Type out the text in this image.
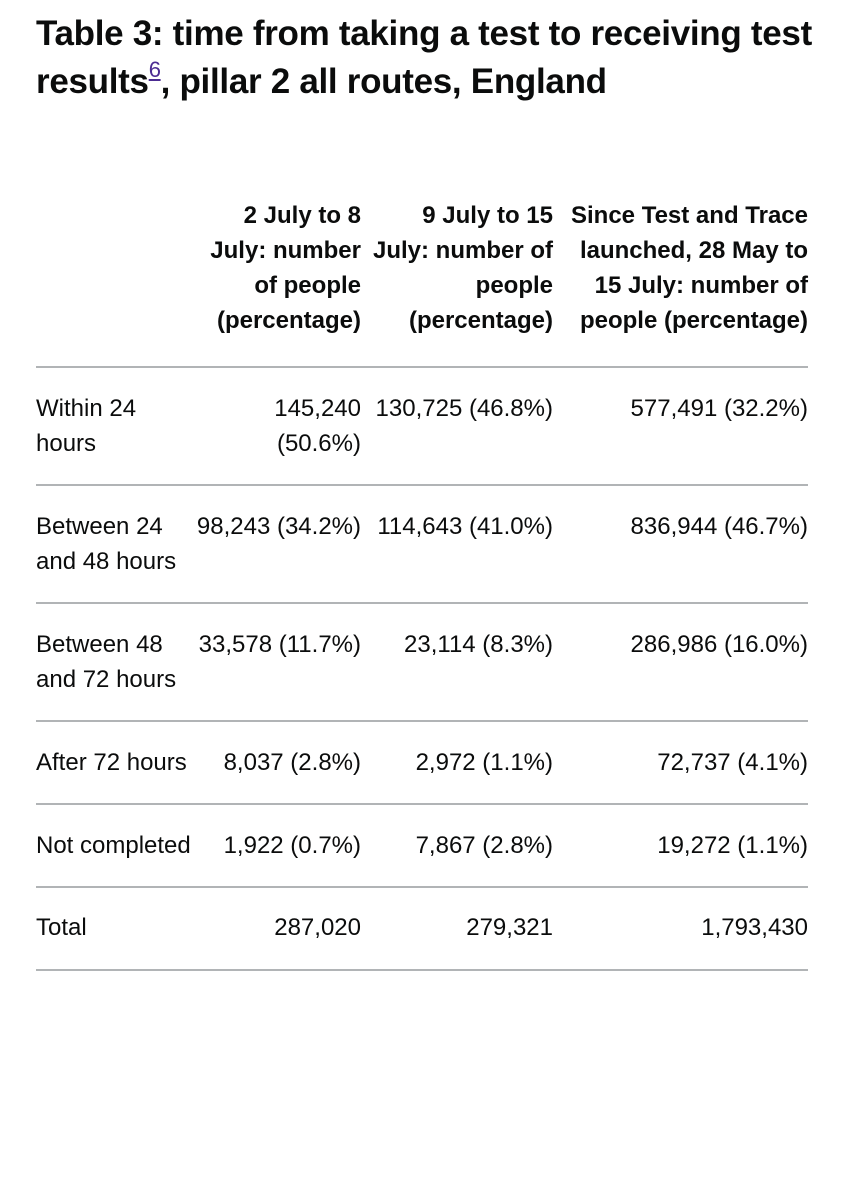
Table 3: time from taking a test to receiving test results$^6$, pillar 2 all routes, England
	2 July to 8 July: number of people (percentage)	9 July to 15 July: number of people (percentage)	Since Test and Trace launched, 28 May to 15 July: number of people (percentage)
Within 24 hours	145,240 (50.6%)	130,725 (46.8%)	577,491 (32.2%)
Between 24 and 48 hours	98,243 (34.2%)	114,643 (41.0%)	836,944 (46.7%)
Between 48 and 72 hours	33,578 (11.7%)	23,114 (8.3%)	286,986 (16.0%)
After 72 hours	8,037 (2.8%)	2,972 (1.1%)	72,737 (4.1%)
Not completed	1,922 (0.7%)	7,867 (2.8%)	19,272 (1.1%)
Total	287,020	279,321	1,793,430
